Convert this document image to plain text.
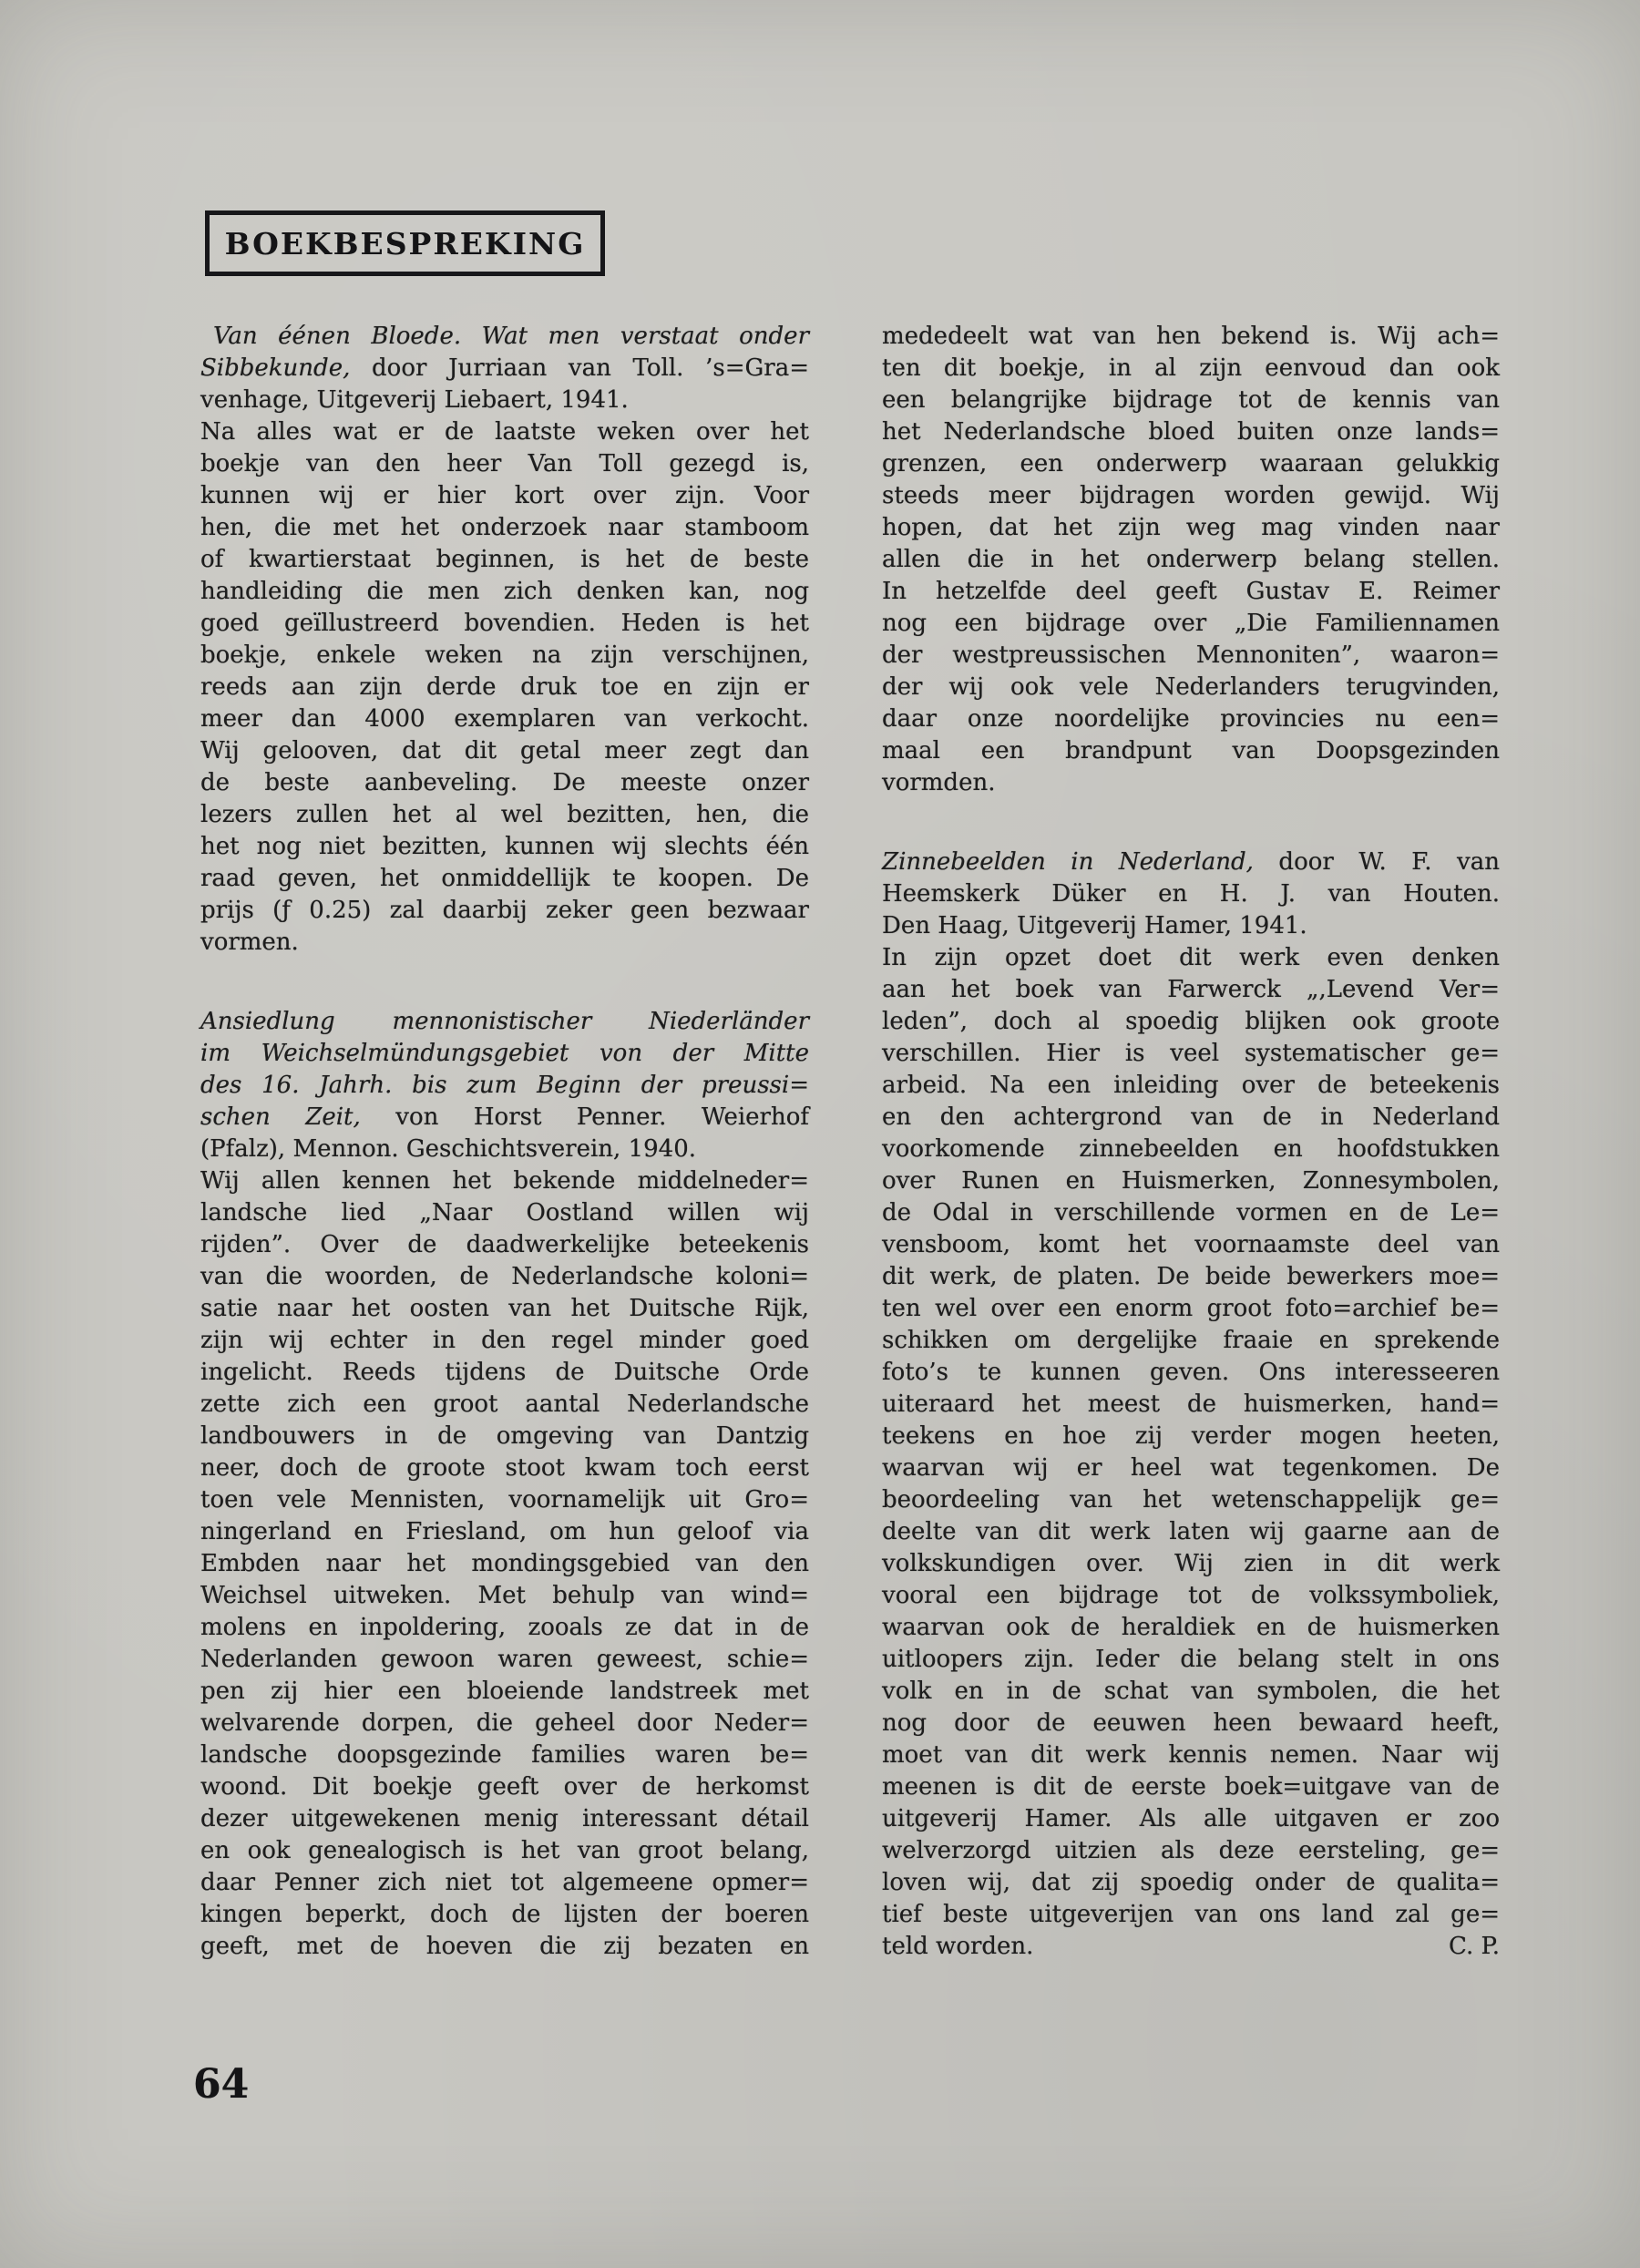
BOEKBESPREKING
Van éénen Bloede. Wat men verstaat onder
Sibbekunde, door Jurriaan van Toll. ’s=Gra=
venhage, Uitgeverij Liebaert, 1941.
Na alles wat er de laatste weken over het
boekje van den heer Van Toll gezegd is,
kunnen wij er hier kort over zijn. Voor
hen, die met het onderzoek naar stamboom
of kwartierstaat beginnen, is het de beste
handleiding die men zich denken kan, nog
goed geïllustreerd bovendien. Heden is het
boekje, enkele weken na zijn verschijnen,
reeds aan zijn derde druk toe en zijn er
meer dan 4000 exemplaren van verkocht.
Wij gelooven, dat dit getal meer zegt dan
de beste aanbeveling. De meeste onzer
lezers zullen het al wel bezitten, hen, die
het nog niet bezitten, kunnen wij slechts één
raad geven, het onmiddellijk te koopen. De
prijs (ƒ 0.25) zal daarbij zeker geen bezwaar
vormen.
Ansiedlung mennonistischer Niederländer
im Weichselmündungsgebiet von der Mitte
des 16. Jahrh. bis zum Beginn der preussi=
schen Zeit, von Horst Penner. Weierhof
(Pfalz), Mennon. Geschichtsverein, 1940.
Wij allen kennen het bekende middelneder=
landsche lied „Naar Oostland willen wij
rijden”. Over de daadwerkelijke beteekenis
van die woorden, de Nederlandsche koloni=
satie naar het oosten van het Duitsche Rijk,
zijn wij echter in den regel minder goed
ingelicht. Reeds tijdens de Duitsche Orde
zette zich een groot aantal Nederlandsche
landbouwers in de omgeving van Dantzig
neer, doch de groote stoot kwam toch eerst
toen vele Mennisten, voornamelijk uit Gro=
ningerland en Friesland, om hun geloof via
Embden naar het mondingsgebied van den
Weichsel uitweken. Met behulp van wind=
molens en inpoldering, zooals ze dat in de
Nederlanden gewoon waren geweest, schie=
pen zij hier een bloeiende landstreek met
welvarende dorpen, die geheel door Neder=
landsche doopsgezinde families waren be=
woond. Dit boekje geeft over de herkomst
dezer uitgewekenen menig interessant détail
en ook genealogisch is het van groot belang,
daar Penner zich niet tot algemeene opmer=
kingen beperkt, doch de lijsten der boeren
geeft, met de hoeven die zij bezaten en
mededeelt wat van hen bekend is. Wij ach=
ten dit boekje, in al zijn eenvoud dan ook
een belangrijke bijdrage tot de kennis van
het Nederlandsche bloed buiten onze lands=
grenzen, een onderwerp waaraan gelukkig
steeds meer bijdragen worden gewijd. Wij
hopen, dat het zijn weg mag vinden naar
allen die in het onderwerp belang stellen.
In hetzelfde deel geeft Gustav E. Reimer
nog een bijdrage over „Die Familiennamen
der westpreussischen Mennoniten”, waaron=
der wij ook vele Nederlanders terugvinden,
daar onze noordelijke provincies nu een=
maal een brandpunt van Doopsgezinden
vormden.
Zinnebeelden in Nederland, door W. F. van
Heemskerk Düker en H. J. van Houten.
Den Haag, Uitgeverij Hamer, 1941.
In zijn opzet doet dit werk even denken
aan het boek van Farwerck „,Levend Ver=
leden”, doch al spoedig blijken ook groote
verschillen. Hier is veel systematischer ge=
arbeid. Na een inleiding over de beteekenis
en den achtergrond van de in Nederland
voorkomende zinnebeelden en hoofdstukken
over Runen en Huismerken, Zonnesymbolen,
de Odal in verschillende vormen en de Le=
vensboom, komt het voornaamste deel van
dit werk, de platen. De beide bewerkers moe=
ten wel over een enorm groot foto=archief be=
schikken om dergelijke fraaie en sprekende
foto’s te kunnen geven. Ons interesseeren
uiteraard het meest de huismerken, hand=
teekens en hoe zij verder mogen heeten,
waarvan wij er heel wat tegenkomen. De
beoordeeling van het wetenschappelijk ge=
deelte van dit werk laten wij gaarne aan de
volkskundigen over. Wij zien in dit werk
vooral een bijdrage tot de volkssymboliek,
waarvan ook de heraldiek en de huismerken
uitloopers zijn. Ieder die belang stelt in ons
volk en in de schat van symbolen, die het
nog door de eeuwen heen bewaard heeft,
moet van dit werk kennis nemen. Naar wij
meenen is dit de eerste boek=uitgave van de
uitgeverij Hamer. Als alle uitgaven er zoo
welverzorgd uitzien als deze eersteling, ge=
loven wij, dat zij spoedig onder de qualita=
tief beste uitgeverijen van ons land zal ge=
teld worden.	C. P.
64
